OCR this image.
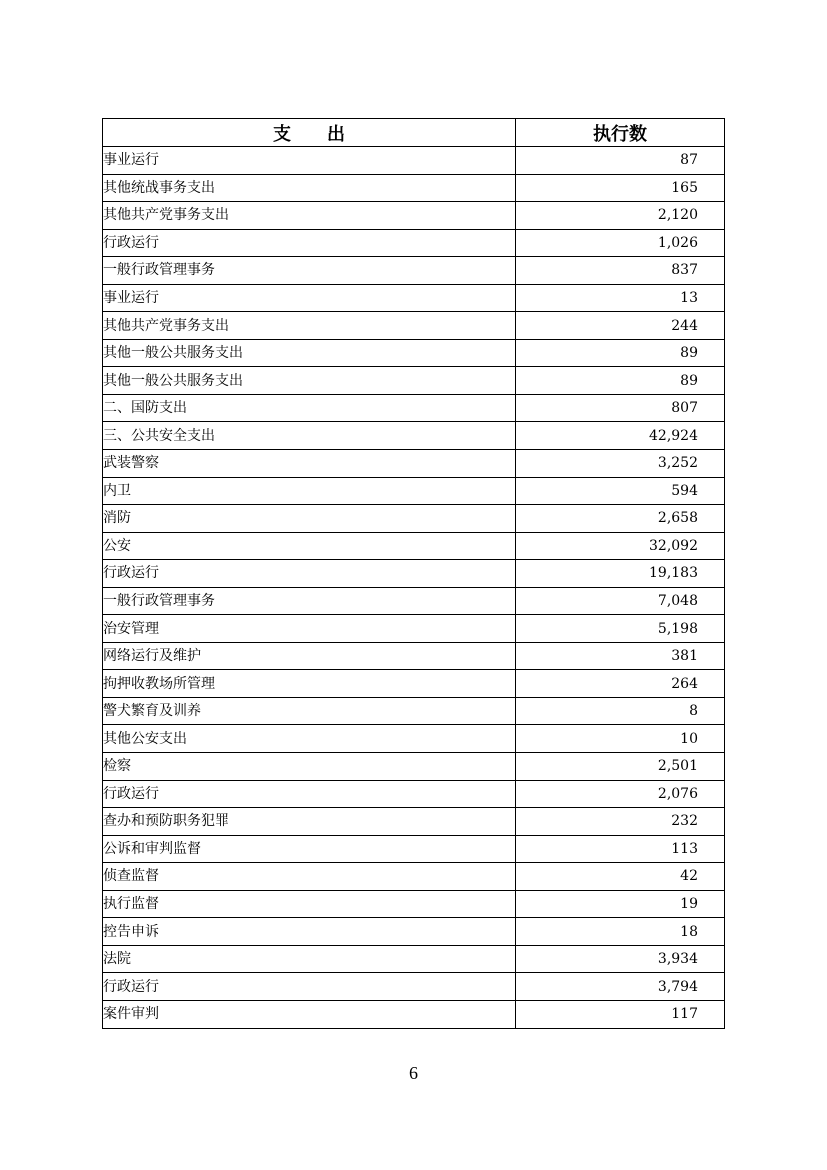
支　　出	执行数
事业运行	87
其他统战事务支出	165
其他共产党事务支出	2,120
行政运行	1,026
一般行政管理事务	837
事业运行	13
其他共产党事务支出	244
其他一般公共服务支出	89
其他一般公共服务支出	89
二、国防支出	807
三、公共安全支出	42,924
武装警察	3,252
内卫	594
消防	2,658
公安	32,092
行政运行	19,183
一般行政管理事务	7,048
治安管理	5,198
网络运行及维护	381
拘押收教场所管理	264
警犬繁育及训养	8
其他公安支出	10
检察	2,501
行政运行	2,076
查办和预防职务犯罪	232
公诉和审判监督	113
侦查监督	42
执行监督	19
控告申诉	18
法院	3,934
行政运行	3,794
案件审判	117
6
